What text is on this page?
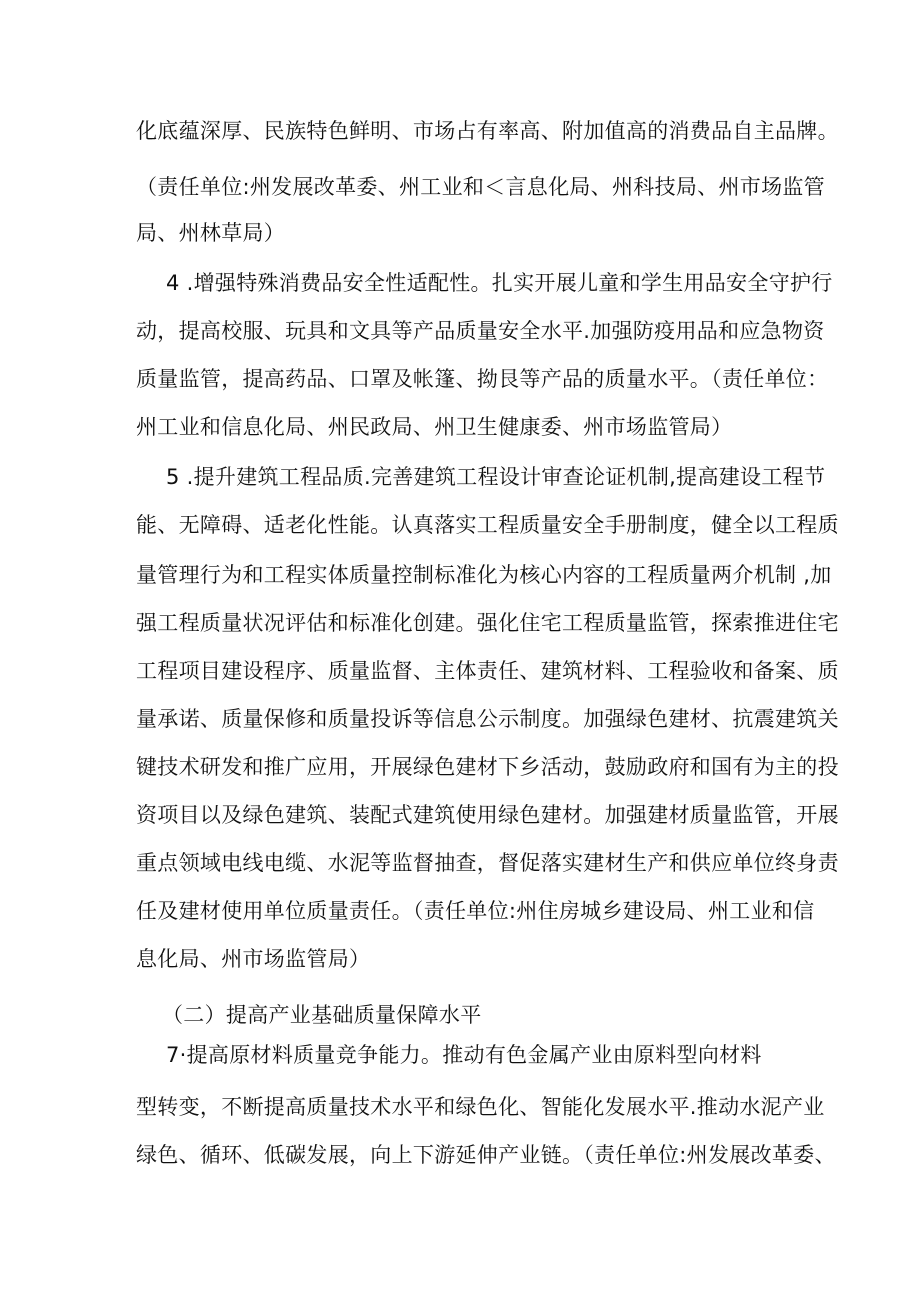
化底蕴深厚、民族特色鲜明、市场占有率高、附加值高的消费品自主品牌。
（责任单位:州发展改革委、州工业和＜言息化局、州科技局、州市场监管
局、州林草局）
4 .增强特殊消费品安全性适配性。扎实开展儿童和学生用品安全守护行
动，提高校服、玩具和文具等产品质量安全水平.加强防疫用品和应急物资
质量监管，提高药品、口罩及帐篷、拗艮等产品的质量水平。（责任单位：
州工业和信息化局、州民政局、州卫生健康委、州市场监管局）
5 .提升建筑工程品质.完善建筑工程设计审查论证机制,提高建设工程节
能、无障碍、适老化性能。认真落实工程质量安全手册制度，健全以工程质
量管理行为和工程实体质量控制标准化为核心内容的工程质量两介机制 ,加
强工程质量状况评估和标准化创建。强化住宅工程质量监管，探索推进住宅
工程项目建设程序、质量监督、主体责任、建筑材料、工程验收和备案、质
量承诺、质量保修和质量投诉等信息公示制度。加强绿色建材、抗震建筑关
键技术研发和推广应用，开展绿色建材下乡活动，鼓励政府和国有为主的投
资项目以及绿色建筑、装配式建筑使用绿色建材。加强建材质量监管，开展
重点领域电线电缆、水泥等监督抽查，督促落实建材生产和供应单位终身责
任及建材使用单位质量责任。（责任单位:州住房城乡建设局、州工业和信
息化局、州市场监管局）
（二）提高产业基础质量保障水平
7·提高原材料质量竞争能力。推动有色金属产业由原料型向材料
型转变，不断提高质量技术水平和绿色化、智能化发展水平.推动水泥产业
绿色、循环、低碳发展，向上下游延伸产业链。（责任单位:州发展改革委、
